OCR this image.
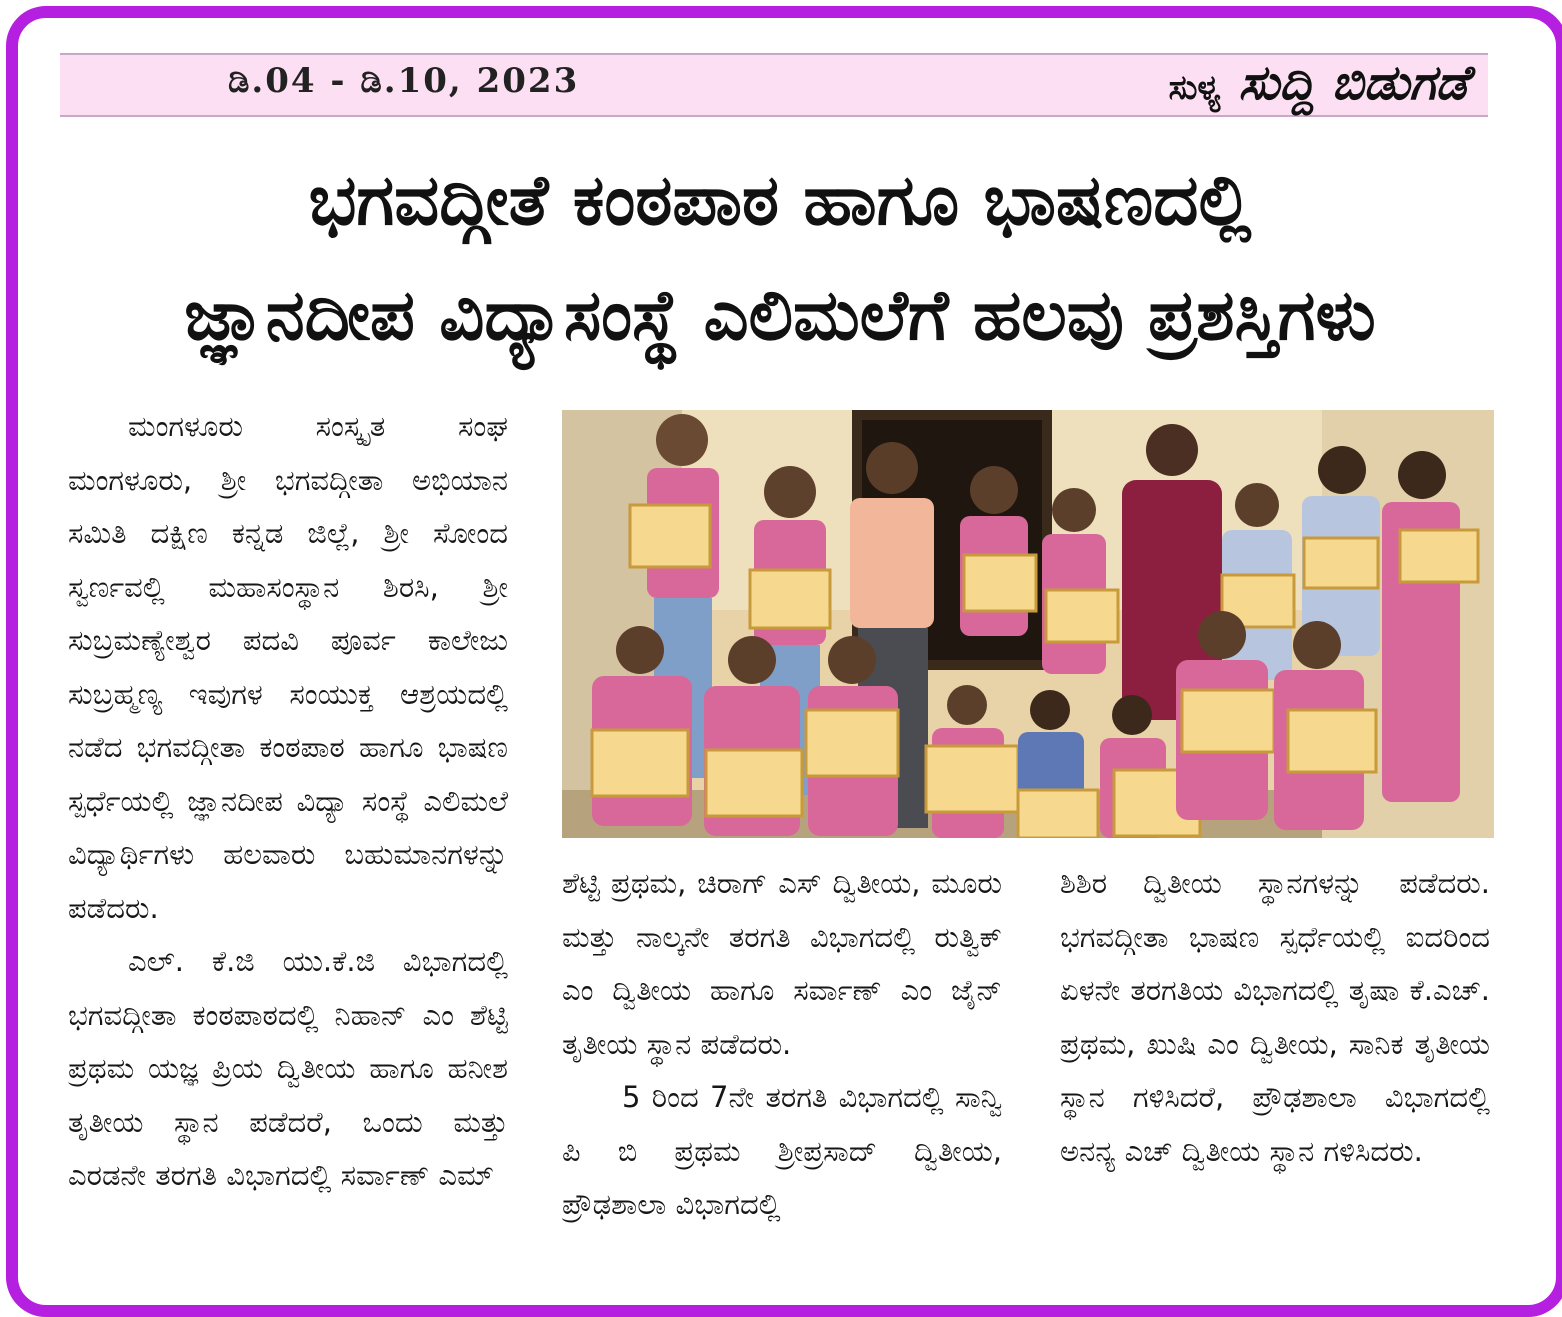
ಡಿ.04 - ಡಿ.10, 2023	ಸುಳ್ಯ ಸುದ್ದಿ ಬಿಡುಗಡೆ
ಭಗವದ್ಗೀತೆ ಕಂಠಪಾಠ ಹಾಗೂ ಭಾಷಣದಲ್ಲಿ
ಜ್ಞಾನದೀಪ ವಿದ್ಯಾಸಂಸ್ಥೆ ಎಲಿಮಲೆಗೆ ಹಲವು ಪ್ರಶಸ್ತಿಗಳು

ಮಂಗಳೂರು ಸಂಸ್ಕೃತ ಸಂಘ ಮಂಗಳೂರು, ಶ್ರೀ ಭಗವದ್ಗೀತಾ ಅಭಿಯಾನ ಸಮಿತಿ ದಕ್ಷಿಣ ಕನ್ನಡ ಜಿಲ್ಲೆ, ಶ್ರೀ ಸೋಂದ ಸ್ವರ್ಣವಲ್ಲಿ ಮಹಾಸಂಸ್ಥಾನ ಶಿರಸಿ, ಶ್ರೀ ಸುಬ್ರಮಣ್ಯೇಶ್ವರ ಪದವಿ ಪೂರ್ವ ಕಾಲೇಜು ಸುಬ್ರಹ್ಮಣ್ಯ ಇವುಗಳ ಸಂಯುಕ್ತ ಆಶ್ರಯದಲ್ಲಿ ನಡೆದ ಭಗವದ್ಗೀತಾ ಕಂಠಪಾಠ ಹಾಗೂ ಭಾಷಣ ಸ್ಪರ್ಧೆಯಲ್ಲಿ ಜ್ಞಾನದೀಪ ವಿದ್ಯಾ ಸಂಸ್ಥೆ ಎಲಿಮಲೆ ವಿದ್ಯಾರ್ಥಿಗಳು ಹಲವಾರು ಬಹುಮಾನಗಳನ್ನು ಪಡೆದರು.

ಎಲ್. ಕೆ.ಜಿ ಯು.ಕೆ.ಜಿ ವಿಭಾಗದಲ್ಲಿ ಭಗವದ್ಗೀತಾ ಕಂಠಪಾಠದಲ್ಲಿ ನಿಹಾನ್ ಎಂ ಶೆಟ್ಟಿ ಪ್ರಥಮ ಯಜ್ಞ ಪ್ರಿಯ ದ್ವಿತೀಯ ಹಾಗೂ ಹನೀಶ ತೃತೀಯ ಸ್ಥಾನ ಪಡೆದರೆ, ಒಂದು ಮತ್ತು ಎರಡನೇ ತರಗತಿ ವಿಭಾಗದಲ್ಲಿ ಸರ್ವಾಣ್ ಎಮ್

ಶೆಟ್ಟಿ ಪ್ರಥಮ, ಚಿರಾಗ್ ಎಸ್ ದ್ವಿತೀಯ, ಮೂರು ಮತ್ತು ನಾಲ್ಕನೇ ತರಗತಿ ವಿಭಾಗದಲ್ಲಿ ರುತ್ವಿಕ್ ಎಂ ದ್ವಿತೀಯ ಹಾಗೂ ಸರ್ವಾಣ್ ಎಂ ಜೈನ್ ತೃತೀಯ ಸ್ಥಾನ ಪಡೆದರು.

5 ರಿಂದ 7ನೇ ತರಗತಿ ವಿಭಾಗದಲ್ಲಿ ಸಾನ್ವಿ ಪಿ ಬಿ ಪ್ರಥಮ ಶ್ರೀಪ್ರಸಾದ್ ದ್ವಿತೀಯ, ಪ್ರೌಢಶಾಲಾ ವಿಭಾಗದಲ್ಲಿ

ಶಿಶಿರ ದ್ವಿತೀಯ ಸ್ಥಾನಗಳನ್ನು ಪಡೆದರು. ಭಗವದ್ಗೀತಾ ಭಾಷಣ ಸ್ಪರ್ಧೆಯಲ್ಲಿ ಐದರಿಂದ ಏಳನೇ ತರಗತಿಯ ವಿಭಾಗದಲ್ಲಿ ತೃಷಾ ಕೆ.ಎಚ್. ಪ್ರಥಮ, ಖುಷಿ ಎಂ ದ್ವಿತೀಯ, ಸಾನಿಕ ತೃತೀಯ ಸ್ಥಾನ ಗಳಿಸಿದರೆ, ಪ್ರೌಢಶಾಲಾ ವಿಭಾಗದಲ್ಲಿ ಅನನ್ಯ ಎಚ್ ದ್ವಿತೀಯ ಸ್ಥಾನ ಗಳಿಸಿದರು.
